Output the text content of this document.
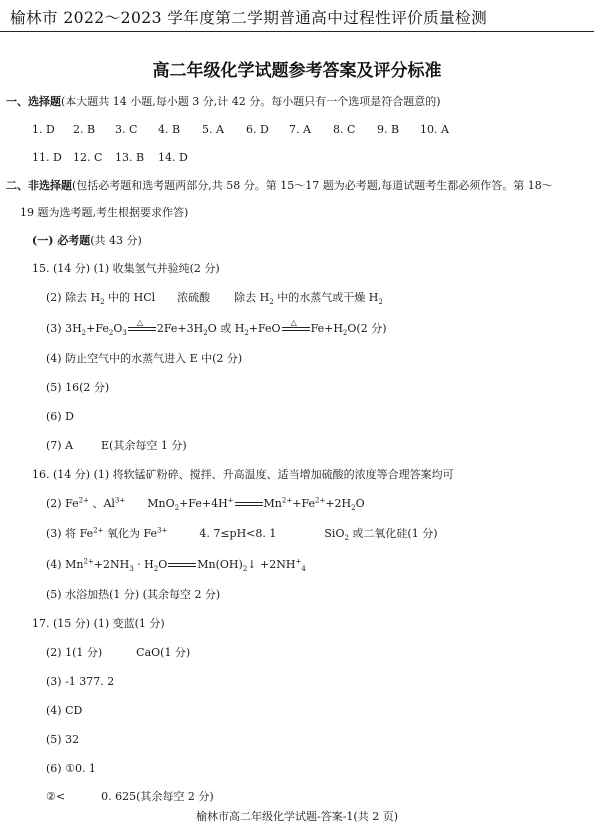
榆林市 2022～2023 学年度第二学期普通高中过程性评价质量检测
高二年级化学试题参考答案及评分标准
一、选择题(本大题共 14 小题,每小题 3 分,计 42 分。每小题只有一个选项是符合题意的)
1. D 2. B 3. C 4. B 5. A 6. D 7. A 8. C 9. B 10. A
11. D 12. C 13. B 14. D
二、非选择题(包括必考题和选考题两部分,共 58 分。第 15～17 题为必考题,每道试题考生都必须作答。第 18～
19 题为选考题,考生根据要求作答)
(一) 必考题(共 43 分)
15. (14 分) (1) 收集氢气并验纯(2 分)
(2) 除去 $H_2$ 中的 HCl 浓硫酸 除去 $H_2$ 中的水蒸气或干燥 $H_2$
(3) $3H_2+Fe_2O_3$
△ $2Fe+3H_2O$ 或 $H_2+FeO$ △ $Fe+H_2O(2$ 分)
(4) 防止空气中的水蒸气进入 E 中(2 分)
(5) 16(2 分)
(6) D
(7) A	E(其余每空 1 分)
16. (14 分) (1) 将软锰矿粉碎、搅拌、升高温度、适当增加硫酸的浓度等合理答案均可
(2) $Fe^{2+}$ 、$Al^{3+}$ MnO$_2$+Fe+4H+	$Mn^{2+}+Fe^{2+}+2H_2O$
(3) 将 $Fe^{2+}$ 氧化为 $Fe^{3+}$	4. 7≤pH<8. 1	SiO$_2$ 或二氧化硅(1 分)
(4) $Mn^{2+}+2NH_3 \cdot H_2O$	$Mn(OH)_2↓ +2NH^+_4$
(5) 水浴加热(1 分) (其余每空 2 分)
17. (15 分) (1) 变蓝(1 分)
(2) 1(1 分)	CaO(1 分)
(3) -1 377. 2
(4) CD
(5) 32
(6) ①0. 1
②<	0. 625(其余每空 2 分)
榆林市高二年级化学试题-答案-1(共 2 页)
